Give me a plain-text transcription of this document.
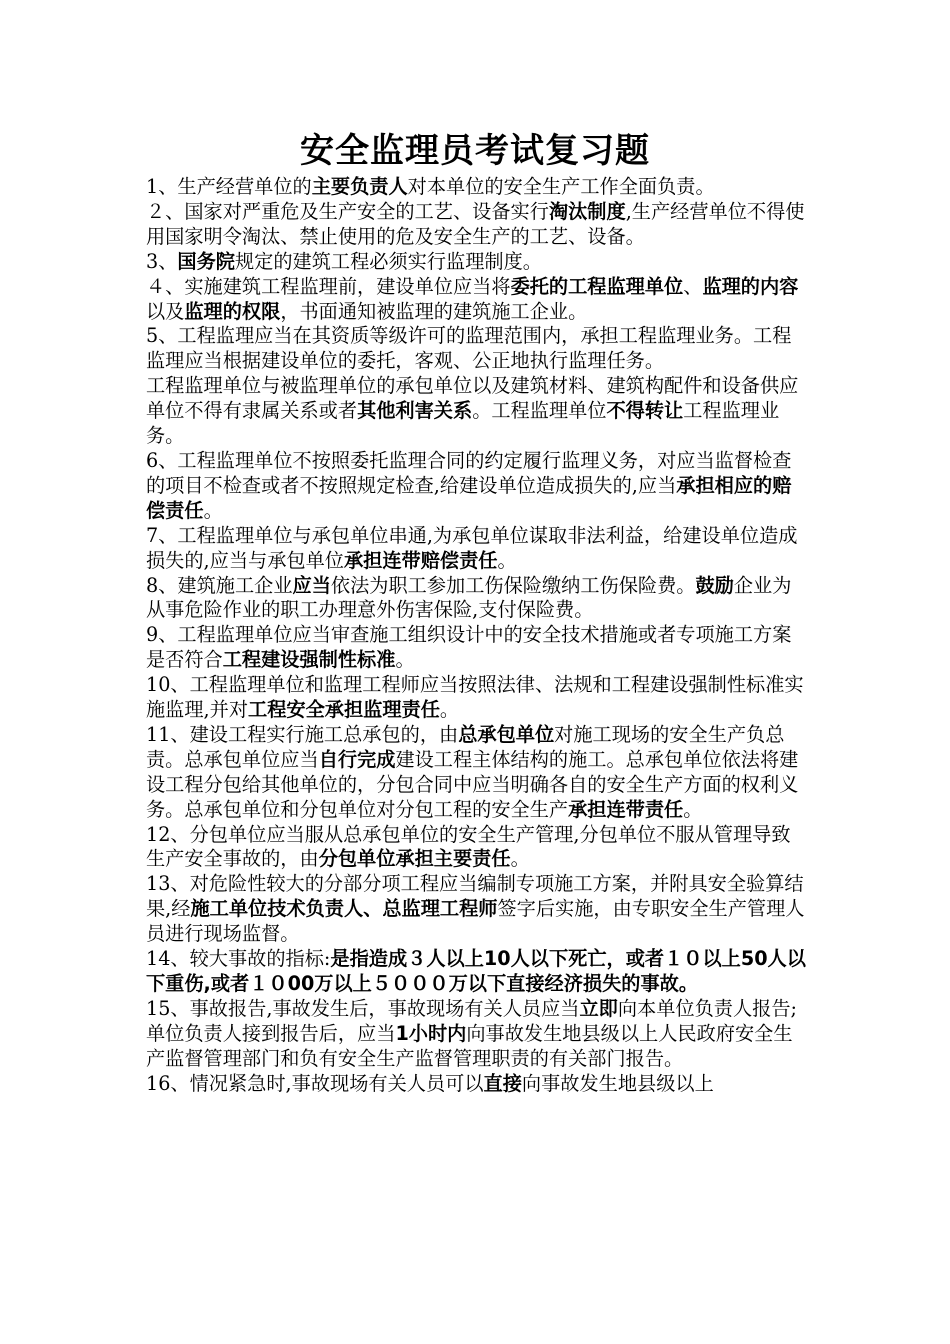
安全监理员考试复习题

1、生产经营单位的主要负责人对本单位的安全生产工作全面负责。

２、国家对严重危及生产安全的工艺、设备实行淘汰制度,生产经营单位不得使用国家明令淘汰、禁止使用的危及安全生产的工艺、设备。

3、国务院规定的建筑工程必须实行监理制度。

４、实施建筑工程监理前，建设单位应当将委托的工程监理单位、监理的内容以及监理的权限，书面通知被监理的建筑施工企业。

5、工程监理应当在其资质等级许可的监理范围内，承担工程监理业务。工程监理应当根据建设单位的委托，客观、公正地执行监理任务。

工程监理单位与被监理单位的承包单位以及建筑材料、建筑构配件和设备供应单位不得有隶属关系或者其他利害关系。工程监理单位不得转让工程监理业务。

6、工程监理单位不按照委托监理合同的约定履行监理义务，对应当监督检查的项目不检查或者不按照规定检查,给建设单位造成损失的,应当承担相应的赔偿责任。

7、工程监理单位与承包单位串通,为承包单位谋取非法利益，给建设单位造成损失的,应当与承包单位承担连带赔偿责任。

8、建筑施工企业应当依法为职工参加工伤保险缴纳工伤保险费。鼓励企业为从事危险作业的职工办理意外伤害保险,支付保险费。

9、工程监理单位应当审查施工组织设计中的安全技术措施或者专项施工方案是否符合工程建设强制性标准。

10、工程监理单位和监理工程师应当按照法律、法规和工程建设强制性标准实施监理,并对工程安全承担监理责任。

11、建设工程实行施工总承包的，由总承包单位对施工现场的安全生产负总责。总承包单位应当自行完成建设工程主体结构的施工。总承包单位依法将建设工程分包给其他单位的，分包合同中应当明确各自的安全生产方面的权利义务。总承包单位和分包单位对分包工程的安全生产承担连带责任。

12、分包单位应当服从总承包单位的安全生产管理,分包单位不服从管理导致生产安全事故的，由分包单位承担主要责任。

13、对危险性较大的分部分项工程应当编制专项施工方案，并附具安全验算结果,经施工单位技术负责人、总监理工程师签字后实施，由专职安全生产管理人员进行现场监督。

14、较大事故的指标:是指造成３人以上10人以下死亡，或者１０以上50人以下重伤,或者１０00万以上５０００万以下直接经济损失的事故。

15、事故报告,事故发生后，事故现场有关人员应当立即向本单位负责人报告;单位负责人接到报告后，应当1小时内向事故发生地县级以上人民政府安全生产监督管理部门和负有安全生产监督管理职责的有关部门报告。

16、情况紧急时,事故现场有关人员可以直接向事故发生地县级以上
